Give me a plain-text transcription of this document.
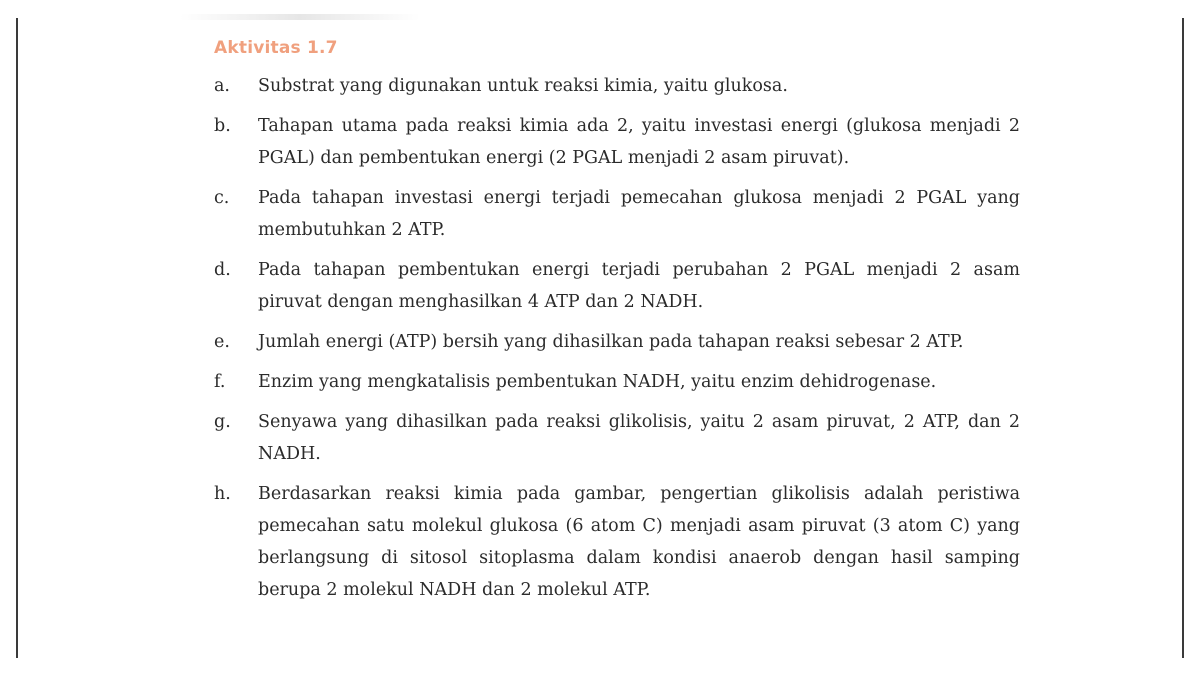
Aktivitas 1.7
a.	Substrat yang digunakan untuk reaksi kimia, yaitu glukosa.
b.	Tahapan utama pada reaksi kimia ada 2, yaitu investasi energi (glukosa menjadi 2 PGAL) dan pembentukan energi (2 PGAL menjadi 2 asam piruvat).
c.	Pada tahapan investasi energi terjadi pemecahan glukosa menjadi 2 PGAL yang membutuhkan 2 ATP.
d.	Pada tahapan pembentukan energi terjadi perubahan 2 PGAL menjadi 2 asam piruvat dengan menghasilkan 4 ATP dan 2 NADH.
e.	Jumlah energi (ATP) bersih yang dihasilkan pada tahapan reaksi sebesar 2 ATP.
f.	Enzim yang mengkatalisis pembentukan NADH, yaitu enzim dehidrogenase.
g.	Senyawa yang dihasilkan pada reaksi glikolisis, yaitu 2 asam piruvat, 2 ATP, dan 2 NADH.
h.	Berdasarkan reaksi kimia pada gambar, pengertian glikolisis adalah peristiwa pemecahan satu molekul glukosa (6 atom C) menjadi asam piruvat (3 atom C) yang berlangsung di sitosol sitoplasma dalam kondisi anaerob dengan hasil samping berupa 2 molekul NADH dan 2 molekul ATP.
